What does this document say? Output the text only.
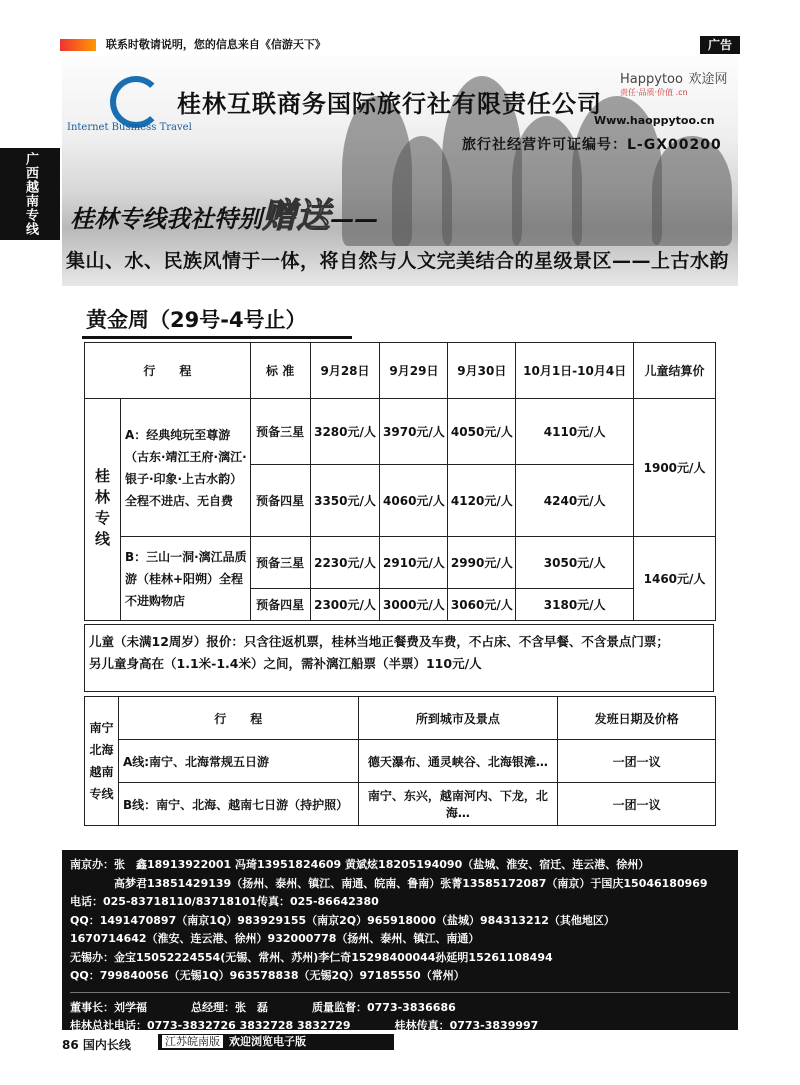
联系时敬请说明，您的信息来自《信游天下》	广告
广西越南专线
Internet Business Travel
桂林互联商务国际旅行社有限责任公司
Happytoo 欢途网
责任·品质·价值 .cn
Www.haoppytoo.cn
旅行社经营许可证编号：L-GX00200
桂林专线我社特别赠送——
集山、水、民族风情于一体，将自然与人文完美结合的星级景区——上古水韵
黄金周（29号-4号止）
行　　程		标 准	9月28日	9月29日	9月30日	10月1日-10月4日	儿童结算价
桂林专线	A：经典纯玩至尊游（古东·靖江王府·漓江·银子·印象·上古水韵）全程不进店、无自费	预备三星	3280元/人	3970元/人	4050元/人	4110元/人	1900元/人
		预备四星	3350元/人	4060元/人	4120元/人	4240元/人	
	B：三山一洞·漓江品质游（桂林+阳朔）全程不进购物店	预备三星	2230元/人	2910元/人	2990元/人	3050元/人	1460元/人
		预备四星	2300元/人	3000元/人	3060元/人	3180元/人	
儿童（未满12周岁）报价：只含往返机票，桂林当地正餐费及车费，不占床、不含早餐、不含景点门票；
另儿童身高在（1.1米-1.4米）之间，需补漓江船票（半票）110元/人
南宁北海越南专线	行　　程	所到城市及景点	发班日期及价格
	A线:南宁、北海常规五日游	德天瀑布、通灵峡谷、北海银滩…	一团一议
	B线：南宁、北海、越南七日游（持护照）	南宁、东兴，越南河内、下龙，北海…	一团一议
南京办：张　鑫18913922001 冯琦13951824609 黄斌炫18205194090（盐城、淮安、宿迁、连云港、徐州）
　　　　高梦君13851429139（扬州、泰州、镇江、南通、皖南、鲁南）张菁13585172087（南京）于国庆15046180969
电话：025-83718110/83718101传真：025-86642380
QQ：1491470897（南京1Q）983929155（南京2Q）965918000（盐城）984313212（其他地区）
1670714642（淮安、连云港、徐州）932000778（扬州、泰州、镇江、南通）
无锡办：金宝15052224554(无锡、常州、苏州)李仁奇15298400044孙延明15261108494
QQ：799840056（无锡1Q）963578838（无锡2Q）97185550（常州）
董事长：刘学福　　　　总经理：张　磊　　　　质量监督：0773-3836686
桂林总社电话：0773-3832726 3832728 3832729　　　　桂林传真：0773-3839997
86 国内长线	江苏皖南版 欢迎浏览电子版 www.zyoo.net
